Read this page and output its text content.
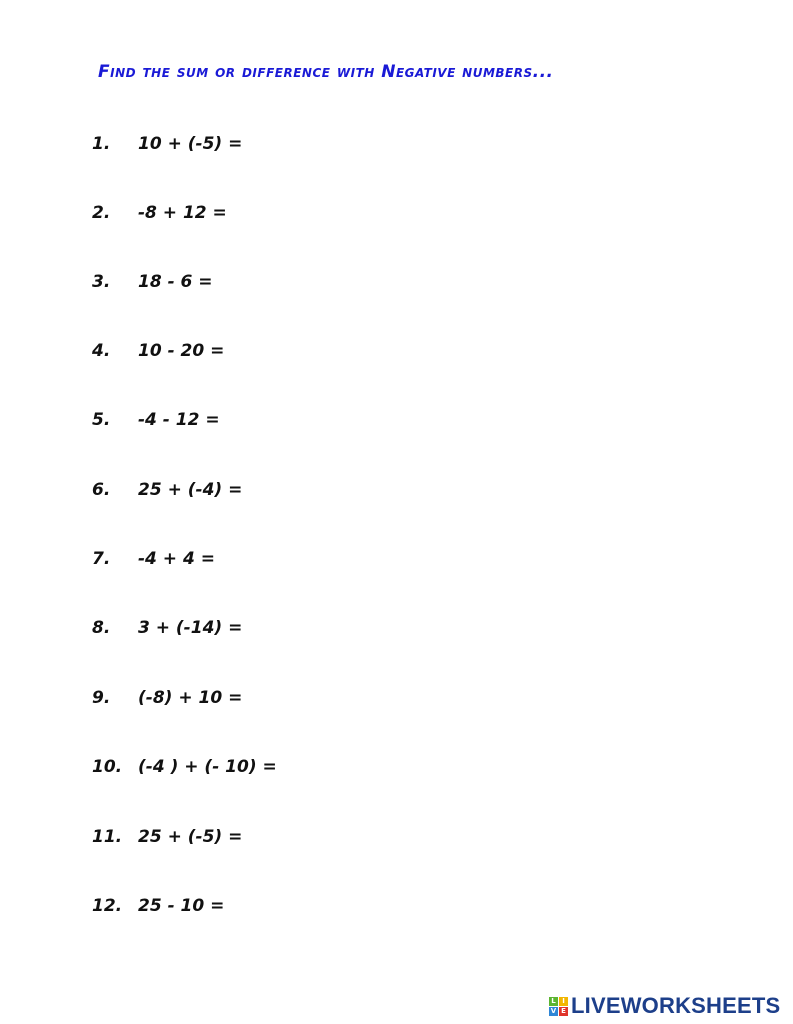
Find the sum or difference with Negative numbers...
1.	10 + (-5) =
2.	-8 + 12 =
3.	18 - 6 =
4.	10 - 20 =
5.	-4 - 12 =
6.	25 + (-4) =
7.	-4 + 4 =
8.	3 + (-14) =
9.	(-8) + 10 =
10. (-4 ) + (- 10) =
11. 25 + (-5) =
12. 25 - 10 =
L I
V E LIVEWORKSHEETS
